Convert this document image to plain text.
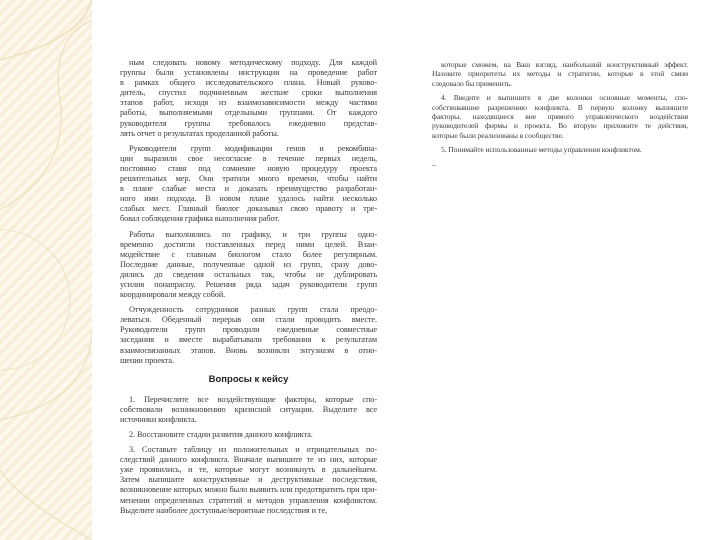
ным следовать новому методическому подходу. Для каждой
группы были установлены инструкции на проведение работ
в рамках общего исследовательского плана. Новый руково-
дитель, спустил подчиненным жесткие сроки выполнения
этапов работ, исходя из взаимозависимости между частями
работы, выполняемыми отдельными группами. От каждого
руководителя группы требовалось ежедневно представ-
лять отчет о результатах проделанной работы.
Руководители групп модификации генов и рекомбина-
ции выразили свое несогласие в течение первых недель,
постоянно ставя под сомнение новую процедуру проекта
решительных мер. Они тратили много времени, чтобы найти
в плане слабые места и доказать преимущество разработан-
ного ими подхода. В новом плане удалось найти несколько
слабых мест. Главный биолог доказывал свою правоту и тре-
бовал соблюдения графика выполнения работ.
Работы выполнялись по графику, и три группы одно-
временно достигли поставленных перед ними целей. Взаи-
модействие с главным биологом стало более регулярным.
Последние данные, полученные одной из групп, сразу дово-
дились до сведения остальных так, чтобы не дублировать
усилия понапрасну. Решения ряда задач руководители групп
координировали между собой.
Отчужденность сотрудников разных групп стала преодо-
леваться. Обеденный перерыв они стали проводить вместе.
Руководители групп проводили ежедневные совместные
заседания и вместе вырабатывали требования к результатам
взаимосвязанных этапов. Вновь возникли энтузиазм в отно-
шении проекта.
Вопросы к кейсу
1. Перечислите все воздействующие факторы, которые спо-
собствовали возникновению кризисной ситуации. Выделите все
источники конфликта.
2. Восстановите стадии развития данного конфликта.
3. Составьте таблицу из положительных и отрицательных по-
следствий данного конфликта. Вначале выпишите те из них, которые
уже проявились, и те, которые могут возникнуть в дальнейшем.
Затем выпишите конструктивные и деструктивные последствия,
возникновение которых можно было выявить или предотвратить при при-
менении определенных стратегий и методов управления конфликтом.
Выделите наиболее доступные/вероятные последствия и те,
которые сможем, на Ваш взгляд, наибольший конструктивный эффект.
Назовите приоритеты их методы и стратегии, которые в этой связи
следовало бы применить.
4. Введите и выпишите в две колонки основные моменты, спо-
собствовавшие разрешению конфликта. В первую колонку выпишите
факторы, находящиеся вне прямого управленческого воздействия
руководителей фирмы и проекта. Во вторую приложите те действия,
которые были реализованы в сообществе.
5. Понимайте использованные методы управления конфликтом.
–
